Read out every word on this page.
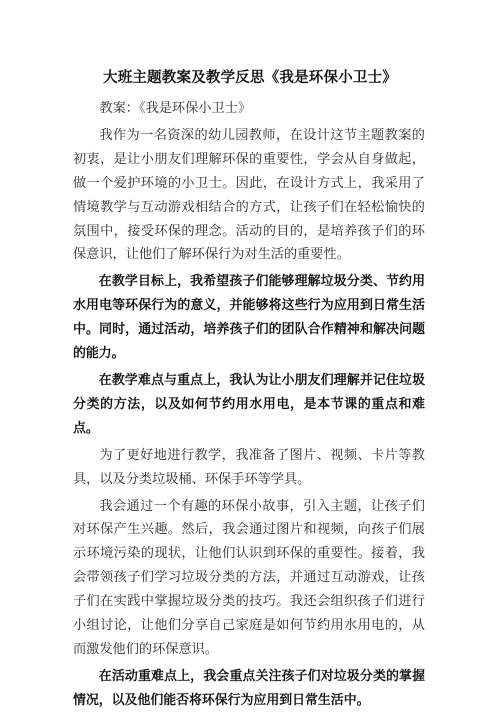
大班主题教案及教学反思《我是环保小卫士》

教案：《我是环保小卫士》

我作为一名资深的幼儿园教师，在设计这节主题教案的初衷，是让小朋友们理解环保的重要性，学会从自身做起，做一个爱护环境的小卫士。因此，在设计方式上，我采用了情境教学与互动游戏相结合的方式，让孩子们在轻松愉快的氛围中，接受环保的理念。活动的目的，是培养孩子们的环保意识，让他们了解环保行为对生活的重要性。

在教学目标上，我希望孩子们能够理解垃圾分类、节约用水用电等环保行为的意义，并能够将这些行为应用到日常生活中。同时，通过活动，培养孩子们的团队合作精神和解决问题的能力。

在教学难点与重点上，我认为让小朋友们理解并记住垃圾分类的方法，以及如何节约用水用电，是本节课的重点和难点。

为了更好地进行教学，我准备了图片、视频、卡片等教具，以及分类垃圾桶、环保手环等学具。

我会通过一个有趣的环保小故事，引入主题，让孩子们对环保产生兴趣。然后，我会通过图片和视频，向孩子们展示环境污染的现状，让他们认识到环保的重要性。接着，我会带领孩子们学习垃圾分类的方法，并通过互动游戏，让孩子们在实践中掌握垃圾分类的技巧。我还会组织孩子们进行小组讨论，让他们分享自己家庭是如何节约用水用电的，从而激发他们的环保意识。

在活动重难点上，我会重点关注孩子们对垃圾分类的掌握情况，以及他们能否将环保行为应用到日常生活中。
